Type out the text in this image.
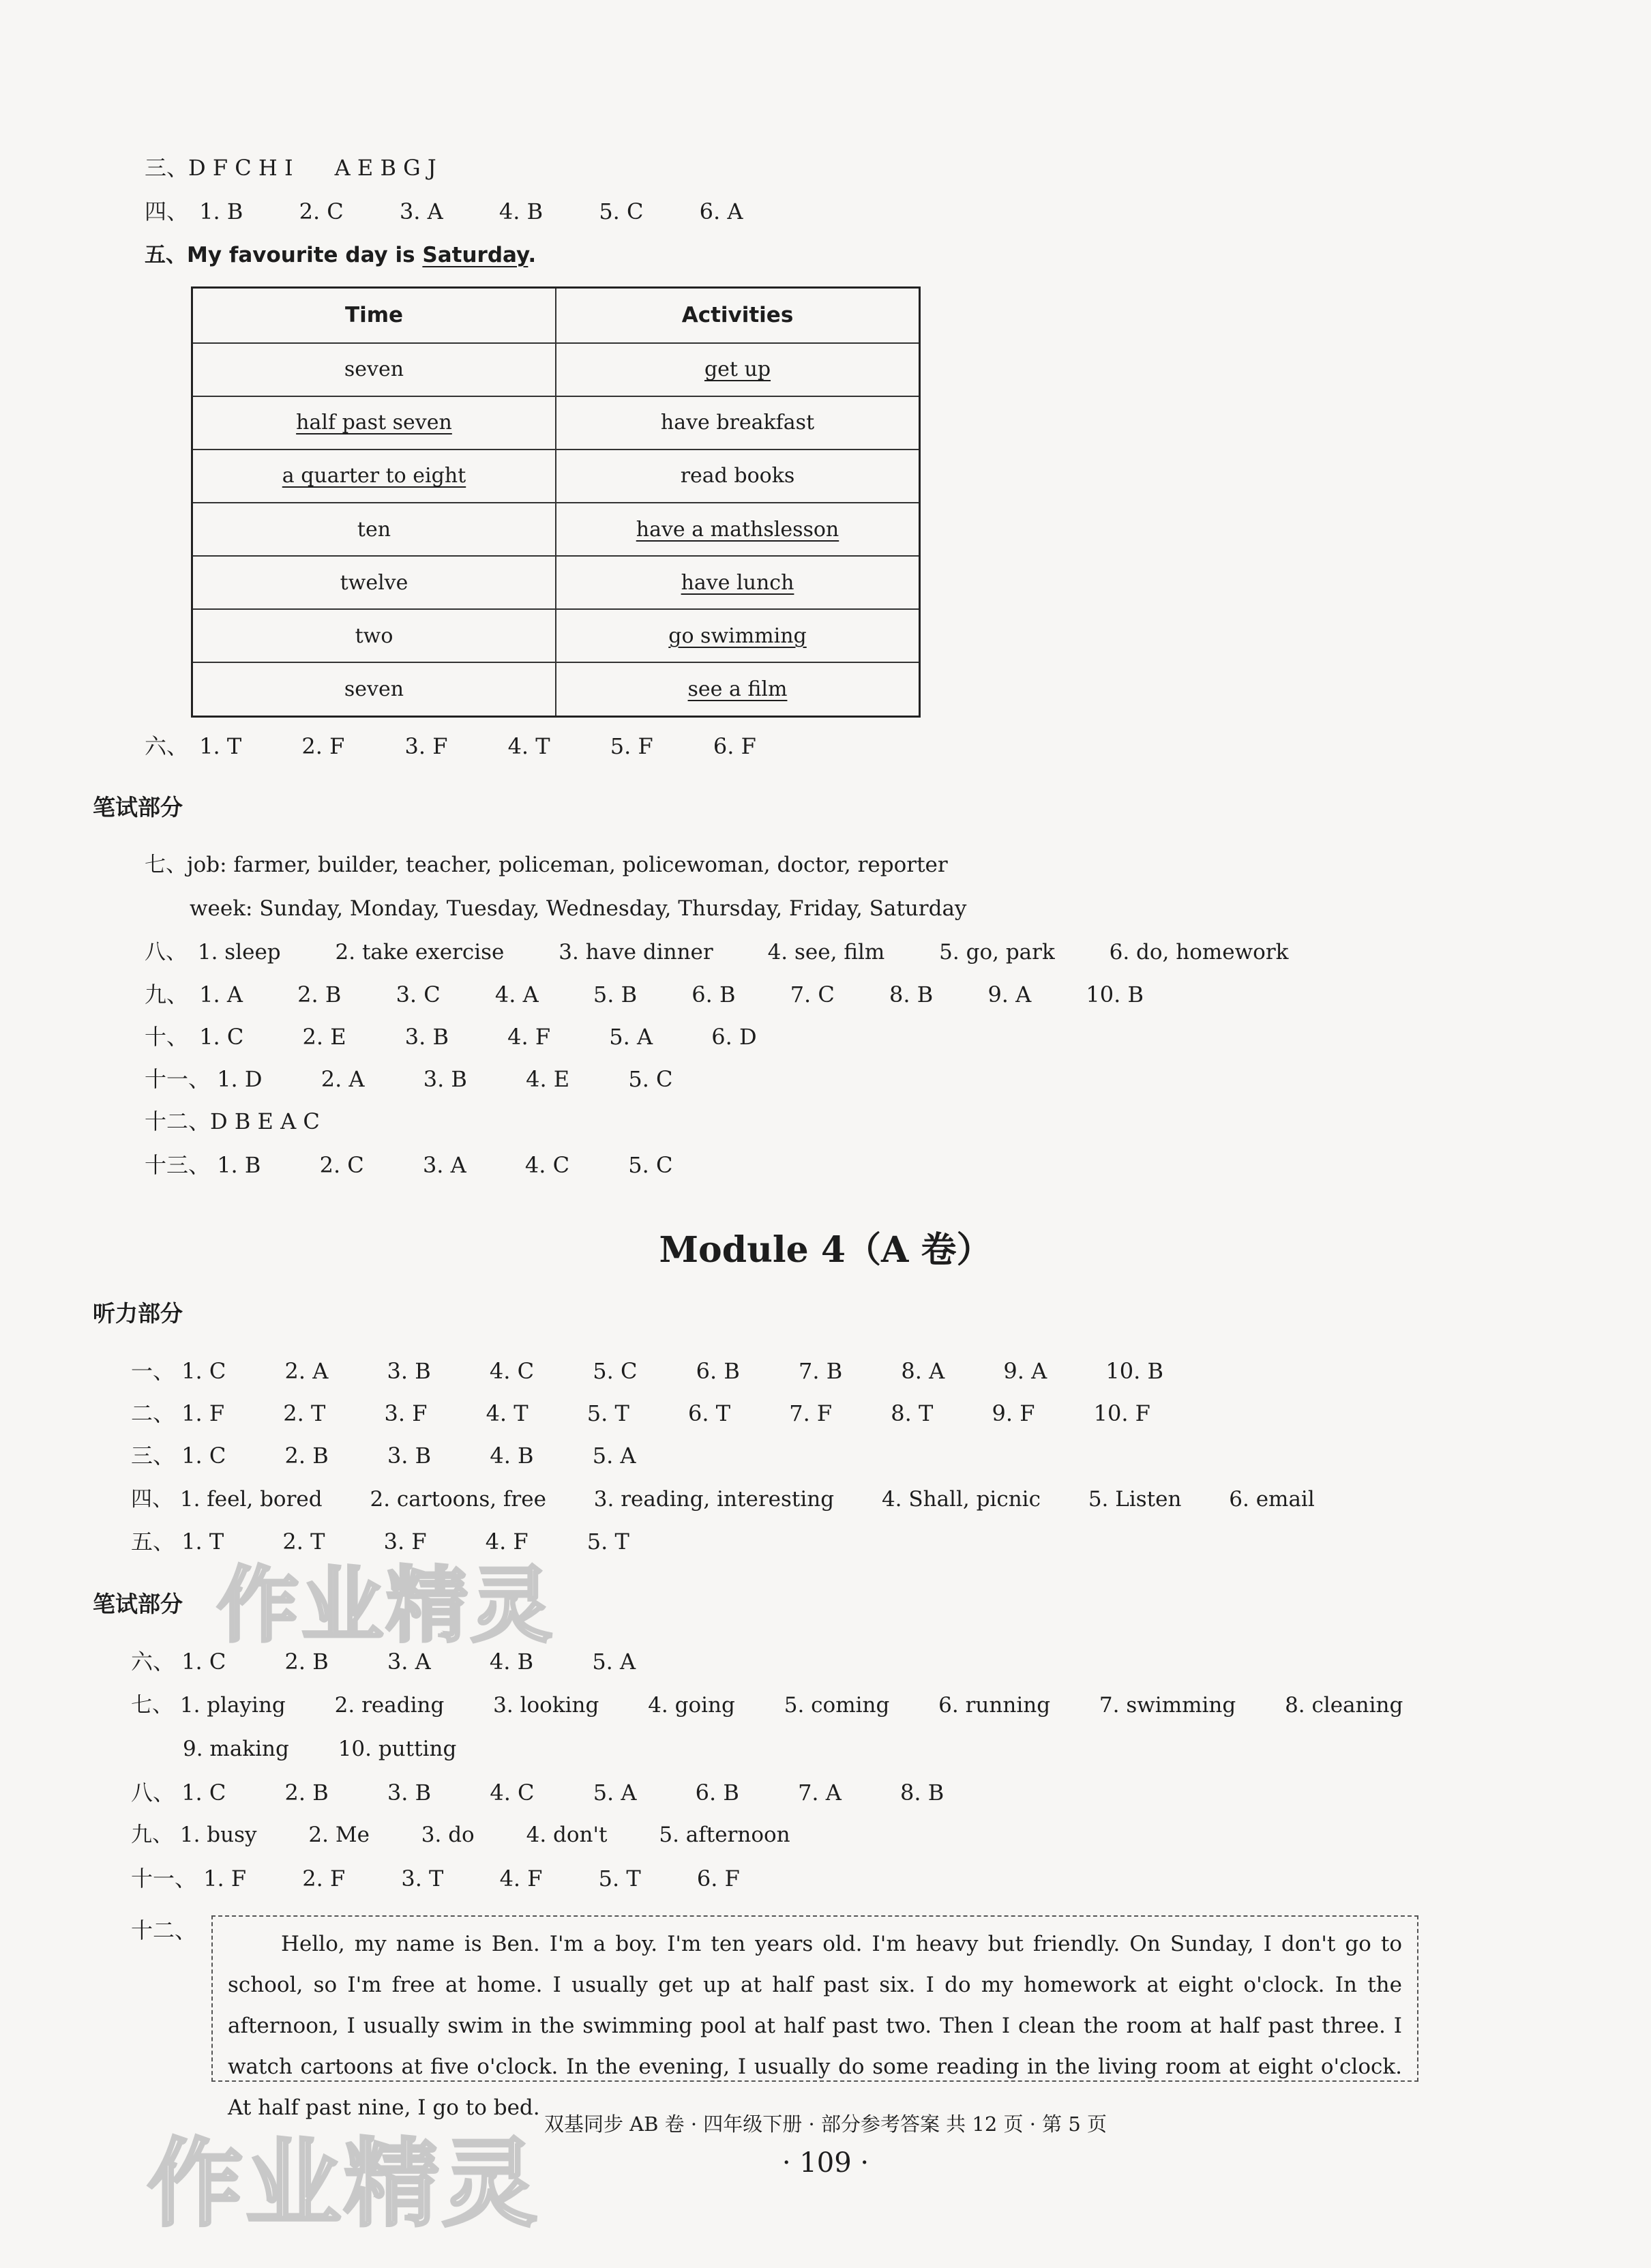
三、D F C H I      A E B G J
四、 1. B	2. C	3. A	4. B	5. C	6. A
五、My favourite day is Saturday.
Time	Activities
seven	get up
half past seven	have breakfast
a quarter to eight	read books
ten	have a mathslesson
twelve	have lunch
two	go swimming
seven	see a film
六、 1. T	2. F	3. F	4. T	5. F	6. F
笔试部分
七、job: farmer, builder, teacher, policeman, policewoman, doctor, reporter
week: Sunday, Monday, Tuesday, Wednesday, Thursday, Friday, Saturday
八、 1. sleep	2. take exercise	3. have dinner	4. see, film	5. go, park	6. do, homework
九、 1. A	2. B	3. C	4. A	5. B	6. B	7. C	8. B	9. A	10. B
十、 1. C	2. E	3. B	4. F	5. A	6. D
十一、 1. D	2. A	3. B	4. E	5. C
十二、D B E A C
十三、 1. B	2. C	3. A	4. C	5. C
Module 4（A 卷）
听力部分
一、 1. C	2. A	3. B	4. C	5. C	6. B	7. B	8. A	9. A	10. B
二、 1. F	2. T	3. F	4. T	5. T	6. T	7. F	8. T	9. F	10. F
三、 1. C	2. B	3. B	4. B	5. A
四、 1. feel, bored 2. cartoons, free 3. reading, interesting 4. Shall, picnic 5. Listen 6. email
五、 1. T	2. T	3. F	4. F	5. T
笔试部分
六、 1. C	2. B	3. A	4. B	5. A
七、 1. playing 2. reading 3. looking 4. going 5. coming 6. running 7. swimming 8. cleaning
9. making 10. putting
八、 1. C	2. B	3. B	4. C	5. A	6. B	7. A	8. B
九、 1. busy 2. Me 3. do 4. don't 5. afternoon
十一、 1. F	2. F	3. T	4. F	5. T	6. F
十二、
Hello, my name is Ben. I'm a boy. I'm ten years old. I'm heavy but friendly. On Sunday, I don't go to school, so I'm free at home. I usually get up at half past six. I do my homework at eight o'clock. In the afternoon, I usually swim in the swimming pool at half past two. Then I clean the room at half past three. I watch cartoons at five o'clock. In the evening, I usually do some reading in the living room at eight o'clock. At half past nine, I go to bed.
双基同步 AB 卷 · 四年级下册 · 部分参考答案 共 12 页 · 第 5 页
· 109 ·
作业精灵
作业精灵
